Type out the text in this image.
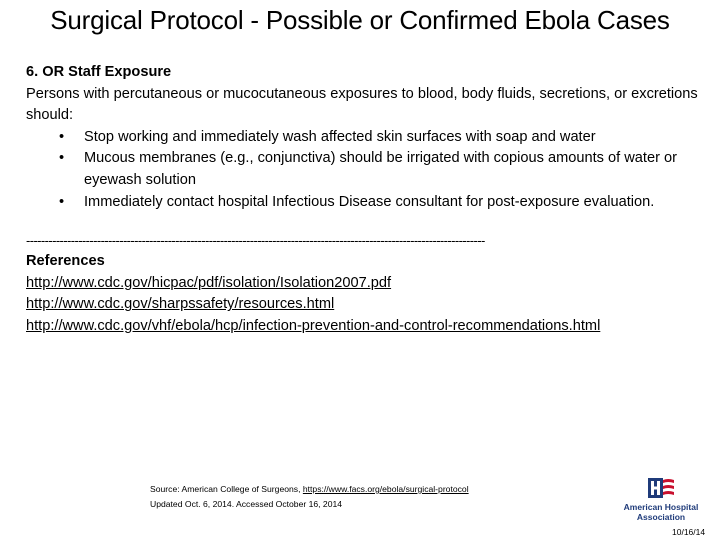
Surgical Protocol - Possible or Confirmed Ebola Cases
6. OR Staff Exposure
Persons with percutaneous or mucocutaneous exposures to blood, body fluids, secretions, or excretions should:
• Stop working and immediately wash affected skin surfaces with soap and water
• Mucous membranes (e.g., conjunctiva) should be irrigated with copious amounts of water or eyewash solution
• Immediately contact hospital Infectious Disease consultant for post-exposure evaluation.
---------------------------------------------------------------------------------------------------------------------------
References
http://www.cdc.gov/hicpac/pdf/isolation/Isolation2007.pdf
http://www.cdc.gov/sharpssafety/resources.html
http://www.cdc.gov/vhf/ebola/hcp/infection-prevention-and-control-recommendations.html
Source: American College of Surgeons, https://www.facs.org/ebola/surgical-protocol
Updated Oct. 6, 2014. Accessed October 16, 2014	American Hospital
Association
10/16/14
